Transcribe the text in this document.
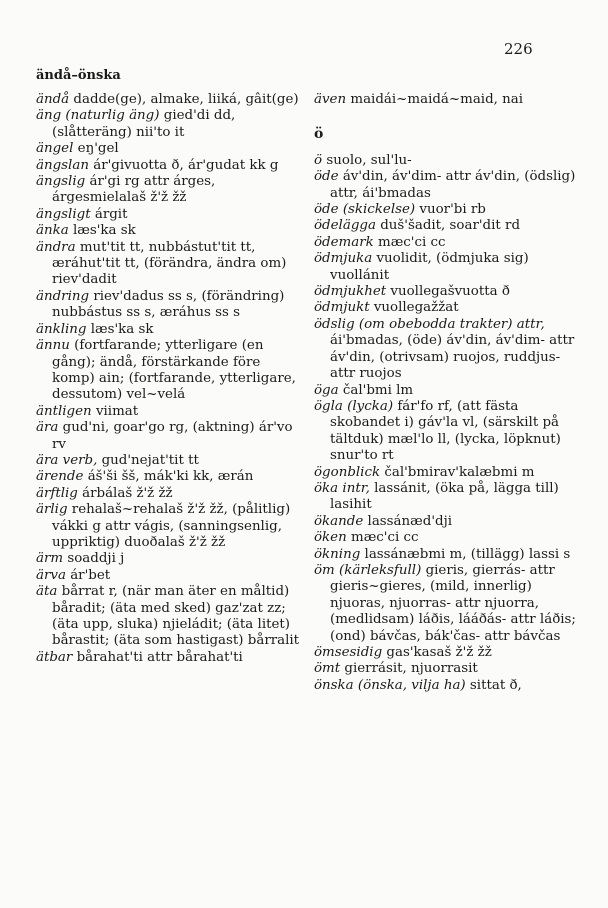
226
ändå–önska

ändå dadde(ge), almake, liiká, gâit(ge)

äng (naturlig äng) gied'di dd, (slåtteräng) nii'to it

ängel eŋ'gel

ängslan ár'givuotta ð, ár'gudat kk g

ängslig ár'gi rg attr árges, árgesmielalaš ž'ž žž

ängsligt árgit

änka læs'ka sk

ändra mut'tit tt, nubbástut'tit tt, æráhut'tit tt, (förändra, ändra om) riev'dadit

ändring riev'dadus ss s, (förändring) nubbástus ss s, æráhus ss s

änkling læs'ka sk

ännu (fortfarande; ytterligare (en gång); ändå, förstärkande före komp) ain; (fortfarande, ytterligare, dessutom) vel~velá

äntligen viimat

ära gud'ni, goar'go rg, (aktning) ár'vo rv

ära verb, gud'nejat'tit tt

ärende áš'ši šš, mák'ki kk, ærán

ärftlig árbálaš ž'ž žž

ärlig rehalaš~rehalaš ž'ž žž, (pålitlig) vákki g attr vágis, (sanningsenlig, uppriktig) duoðalaš ž'ž žž

ärm soaddji j

ärva ár'bet

äta bårrat r, (när man äter en måltid) båradit; (äta med sked) gaz'zat zz; (äta upp, sluka) njieládit; (äta litet) bårastit; (äta som hastigast) bårralit

ätbar bårahat'ti attr bårahat'ti

även maidái~maidá~maid, nai

ö

ö suolo, sul'lu-

öde áv'din, áv'dim- attr áv'din, (ödslig) attr, ái'bmadas

öde (skickelse) vuor'bi rb

ödelägga duš'šadit, soar'dit rd

ödemark mæc'ci cc

ödmjuka vuolidit, (ödmjuka sig) vuollánit

ödmjukhet vuollegašvuotta ð

ödmjukt vuollegažžat

ödslig (om obebodda trakter) attr, ái'bmadas, (öde) áv'din, áv'dim- attr áv'din, (otrivsam) ruojos, ruddjus- attr ruojos

öga čal'bmi lm

ögla (lycka) fár'fo rf, (att fästa skobandet i) gáv'la vl, (särskilt på tältduk) mæl'lo ll, (lycka, löpknut) snur'to rt

ögonblick čal'bmirav'kalæbmi m

öka intr, lassánit, (öka på, lägga till) lasihit

ökande lassánæd'dji

öken mæc'ci cc

ökning lassánæbmi m, (tillägg) lassi s

öm (kärleksfull) gieris, gierrás- attr gieris~gieres, (mild, innerlig) njuoras, njuorras- attr njuorra, (medlidsam) láðis, lááðás- attr láðis; (ond) bávčas, bák'čas- attr bávčas

ömsesidig gas'kasaš ž'ž žž

ömt gierrásit, njuorrasit

önska (önska, vilja ha) sittat ð,
